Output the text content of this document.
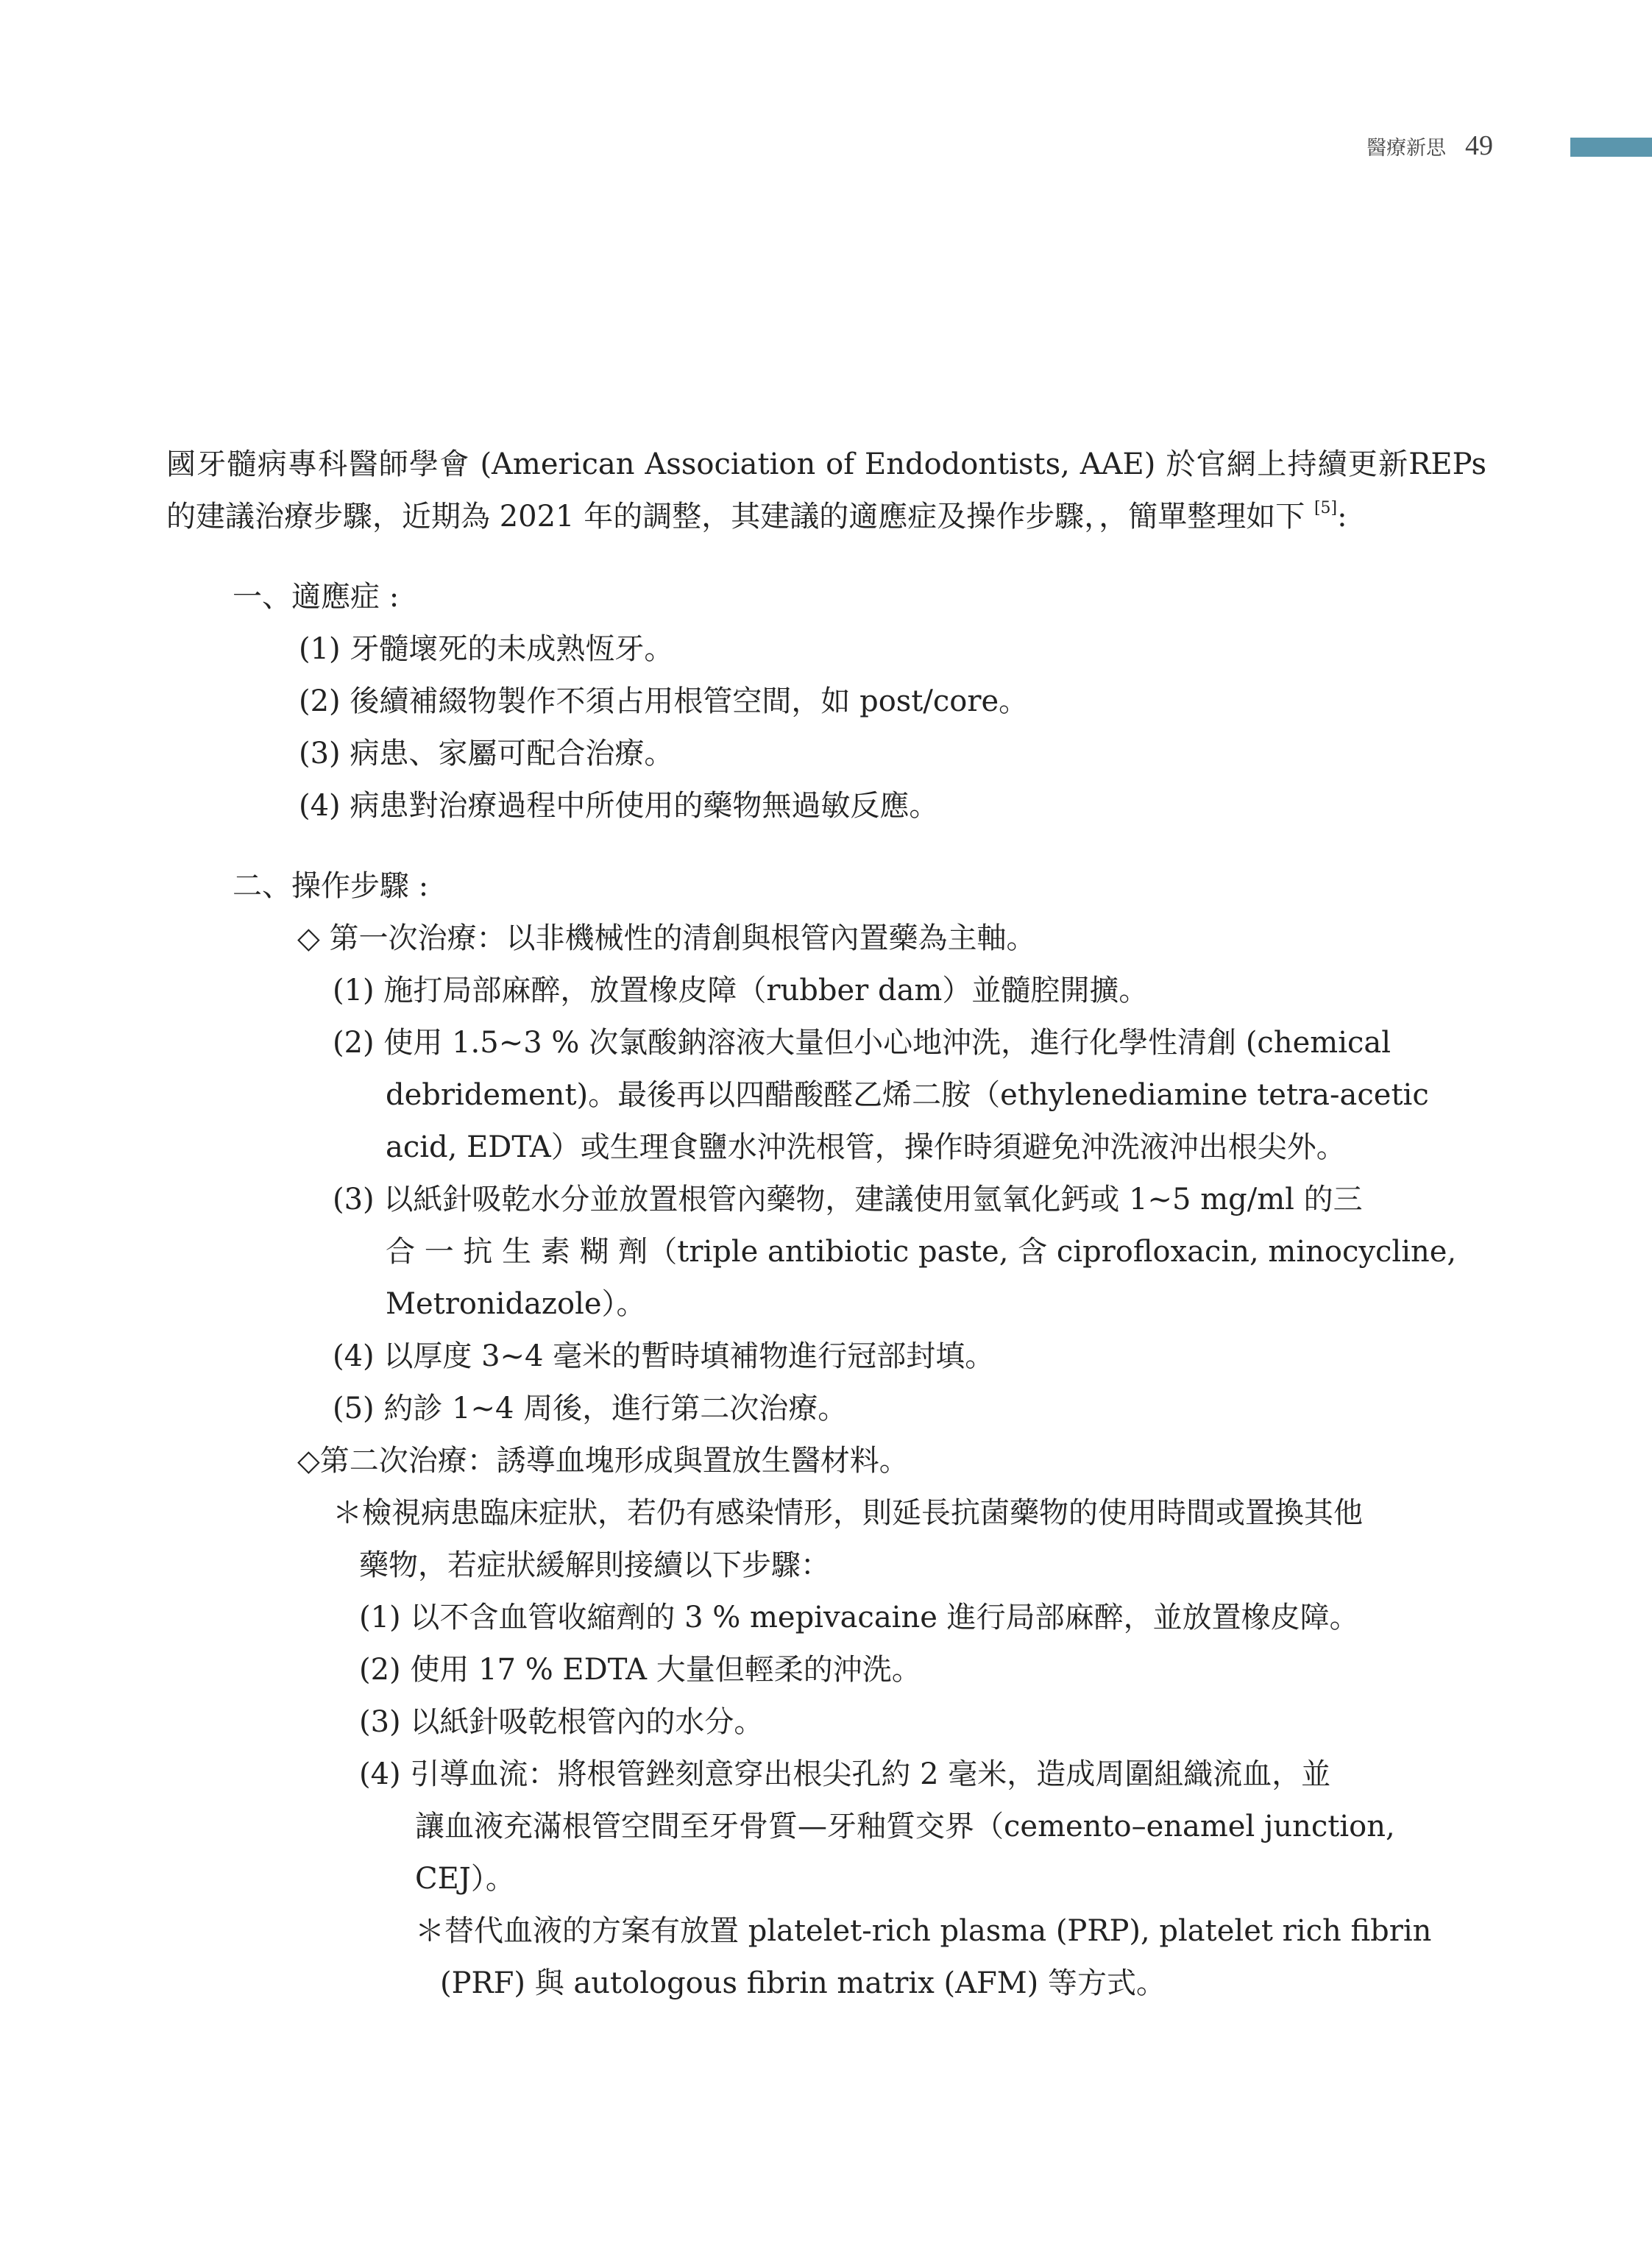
醫療新思 49

國牙髓病專科醫師學會 (American Association of Endodontists, AAE) 於官網上持續更新REPs 的建議治療步驟，近期為 2021 年的調整，其建議的適應症及操作步驟，，簡單整理如下 [5]:

一、適應症 :
(1) 牙髓壞死的未成熟恆牙。
(2) 後續補綴物製作不須占用根管空間，如 post/core。
(3) 病患、家屬可配合治療。
(4) 病患對治療過程中所使用的藥物無過敏反應。
二、操作步驟 :
◇ 第一次治療：以非機械性的清創與根管內置藥為主軸。
(1) 施打局部麻醉，放置橡皮障（rubber dam）並髓腔開擴。
(2) 使用 1.5~3 % 次氯酸鈉溶液大量但小心地沖洗，進行化學性清創 (chemical
debridement)。最後再以四醋酸醛乙烯二胺（ethylenediamine tetra-acetic
acid, EDTA）或生理食鹽水沖洗根管，操作時須避免沖洗液沖出根尖外。
(3) 以紙針吸乾水分並放置根管內藥物，建議使用氫氧化鈣或 1~5 mg/ml 的三
合 一 抗 生 素 糊 劑（triple antibiotic paste, 含 ciprofloxacin, minocycline,
Metronidazole）。
(4) 以厚度 3~4 毫米的暫時填補物進行冠部封填。
(5) 約診 1~4 周後，進行第二次治療。
◇第二次治療：誘導血塊形成與置放生醫材料。
＊檢視病患臨床症狀，若仍有感染情形，則延長抗菌藥物的使用時間或置換其他
藥物，若症狀緩解則接續以下步驟：
(1) 以不含血管收縮劑的 3 % mepivacaine 進行局部麻醉，並放置橡皮障。
(2) 使用 17 % EDTA 大量但輕柔的沖洗。
(3) 以紙針吸乾根管內的水分。
(4) 引導血流：將根管銼刻意穿出根尖孔約 2 毫米，造成周圍組織流血，並
讓血液充滿根管空間至牙骨質—牙釉質交界（cemento–enamel junction,
CEJ）。
＊替代血液的方案有放置 platelet-rich plasma (PRP), platelet rich fibrin
(PRF) 與 autologous fibrin matrix (AFM) 等方式。
